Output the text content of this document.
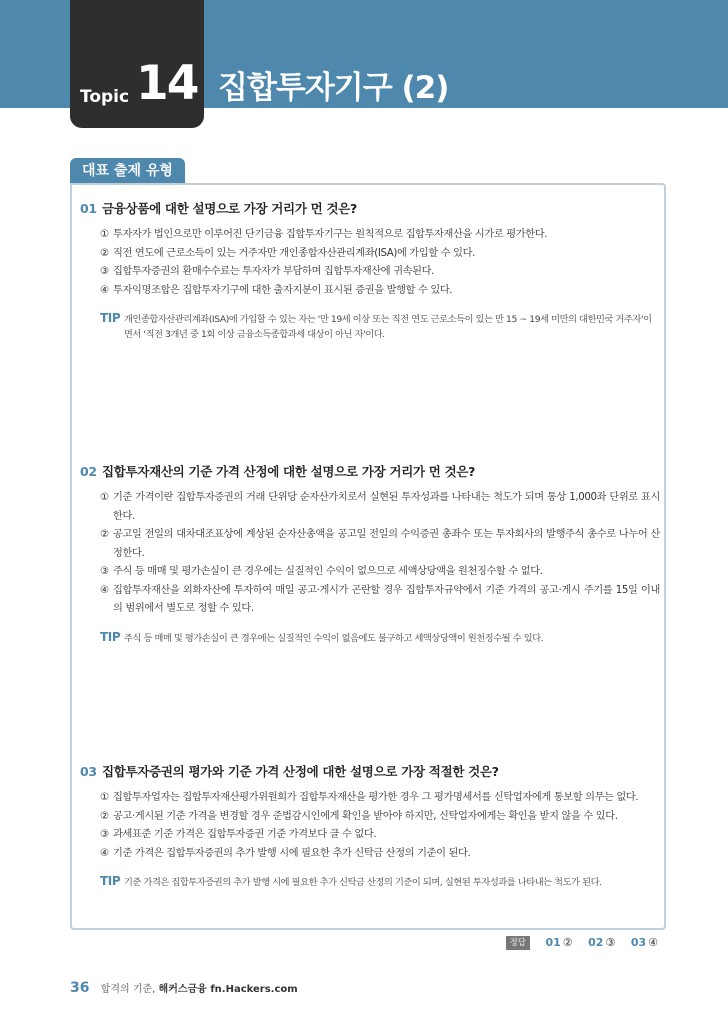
Topic 14 집합투자기구 (2)
대표 출제 유형
01 금융상품에 대한 설명으로 가장 거리가 먼 것은?
① 투자자가 법인으로만 이루어진 단기금융 집합투자기구는 원칙적으로 집합투자재산을 시가로 평가한다.
② 직전 연도에 근로소득이 있는 거주자만 개인종합자산관리계좌(ISA)에 가입할 수 있다.
③ 집합투자증권의 환매수수료는 투자자가 부담하며 집합투자재산에 귀속된다.
④ 투자익명조합은 집합투자기구에 대한 출자지분이 표시된 증권을 발행할 수 있다.
TIP 개인종합자산관리계좌(ISA)에 가입할 수 있는 자는 '만 19세 이상 또는 직전 연도 근로소득이 있는 만 15 ~ 19세 미만의 대한민국 거주자'이면서 '직전 3개년 중 1회 이상 금융소득종합과세 대상이 아닌 자'이다.
02 집합투자재산의 기준 가격 산정에 대한 설명으로 가장 거리가 먼 것은?
① 기준 가격이란 집합투자증권의 거래 단위당 순자산가치로서 실현된 투자성과를 나타내는 척도가 되며 통상 1,000좌 단위로 표시한다.
② 공고일 전일의 대차대조표상에 계상된 순자산총액을 공고일 전일의 수익증권 총좌수 또는 투자회사의 발행주식 총수로 나누어 산정한다.
③ 주식 등 매매 및 평가손실이 큰 경우에는 실질적인 수익이 없으므로 세액상당액을 원천징수할 수 없다.
④ 집합투자재산을 외화자산에 투자하여 매일 공고·게시가 곤란할 경우 집합투자규약에서 기준 가격의 공고·게시 주기를 15일 이내의 범위에서 별도로 정할 수 있다.
TIP 주식 등 매매 및 평가손실이 큰 경우에는 실질적인 수익이 없음에도 불구하고 세액상당액이 원천징수될 수 있다.
03 집합투자증권의 평가와 기준 가격 산정에 대한 설명으로 가장 적절한 것은?
① 집합투자업자는 집합투자재산평가위원회가 집합투자재산을 평가한 경우 그 평가명세서를 신탁업자에게 통보할 의무는 없다.
② 공고·게시된 기준 가격을 변경할 경우 준법감시인에게 확인을 받아야 하지만, 신탁업자에게는 확인을 받지 않을 수 있다.
③ 과세표준 기준 가격은 집합투자증권 기준 가격보다 클 수 없다.
④ 기준 가격은 집합투자증권의 추가 발행 시에 필요한 추가 신탁금 산정의 기준이 된다.
TIP 기준 가격은 집합투자증권의 추가 발행 시에 필요한 추가 신탁금 산정의 기준이 되며, 실현된 투자성과를 나타내는 척도가 된다.
정답 01 ② 02 ③ 03 ④
36 합격의 기준, 해커스금융 fn.Hackers.com
